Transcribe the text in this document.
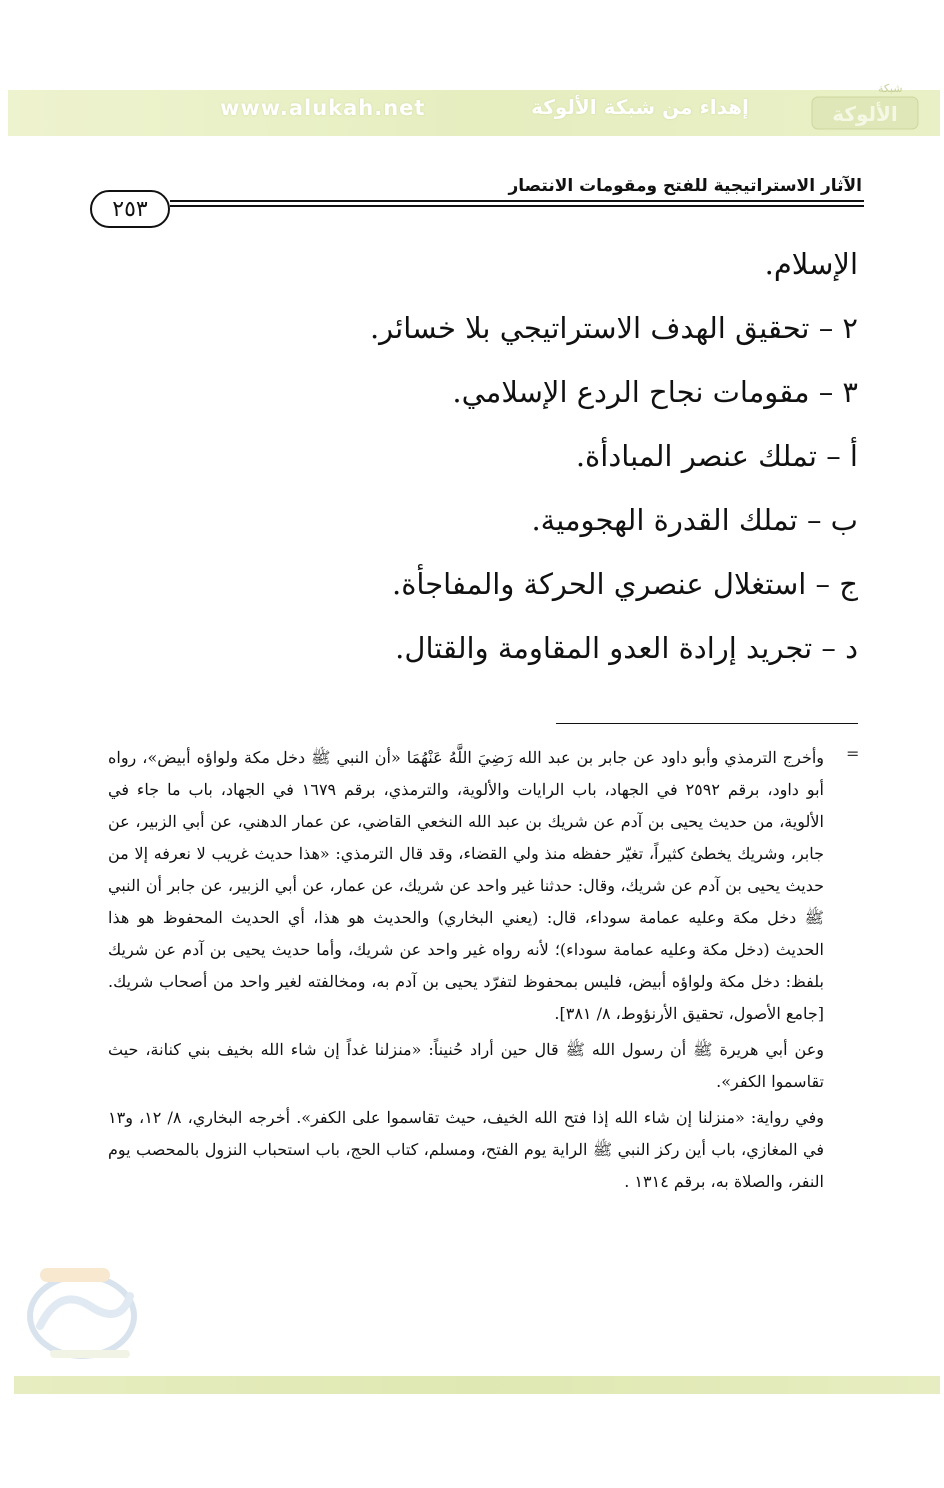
www.alukah.net	إهداء من شبكة الألوكة
شبكة
الألوكة
الآثار الاستراتيجية للفتح ومقومات الانتصار
٢٥٣
الإسلام.
٢ – تحقيق الهدف الاستراتيجي بلا خسائر.
٣ – مقومات نجاح الردع الإسلامي.
أ – تملك عنصر المبادأة.
ب – تملك القدرة الهجومية.
ج – استغلال عنصري الحركة والمفاجأة.
د – تجريد إرادة العدو المقاومة والقتال.
=

وأخرج الترمذي وأبو داود عن جابر بن عبد الله رَضِيَ اللَّهُ عَنْهُمَا «أن النبي ﷺ دخل مكة ولواؤه أبيض»، رواه أبو داود، برقم ٢٥٩٢ في الجهاد، باب الرايات والألوية، والترمذي، برقم ١٦٧٩ في الجهاد، باب ما جاء في الألوية، من حديث يحيى بن آدم عن شريك بن عبد الله النخعي القاضي، عن عمار الدهني، عن أبي الزبير، عن جابر، وشريك يخطئ كثيراً، تغيّر حفظه منذ ولي القضاء، وقد قال الترمذي: «هذا حديث غريب لا نعرفه إلا من حديث يحيى بن آدم عن شريك، وقال: حدثنا غير واحد عن شريك، عن عمار، عن أبي الزبير، عن جابر أن النبي ﷺ دخل مكة وعليه عمامة سوداء، قال: (يعني البخاري) والحديث هو هذا، أي الحديث المحفوظ هو هذا الحديث (دخل مكة وعليه عمامة سوداء)؛ لأنه رواه غير واحد عن شريك، وأما حديث يحيى بن آدم عن شريك بلفظ: دخل مكة ولواؤه أبيض، فليس بمحفوظ لتفرّد يحيى بن آدم به، ومخالفته لغير واحد من أصحاب شريك. [جامع الأصول، تحقيق الأرنؤوط، ٨/ ٣٨١].

وعن أبي هريرة ﷺ أن رسول الله ﷺ قال حين أراد حُنيناً: «منزلنا غداً إن شاء الله بخيف بني كنانة، حيث تقاسموا الكفر».

وفي رواية: «منزلنا إن شاء الله إذا فتح الله الخيف، حيث تقاسموا على الكفر». أخرجه البخاري، ٨/ ١٢، و١٣ في المغازي، باب أين ركز النبي ﷺ الراية يوم الفتح، ومسلم، كتاب الحج، باب استحباب النزول بالمحصب يوم النفر، والصلاة به، برقم ١٣١٤ .
